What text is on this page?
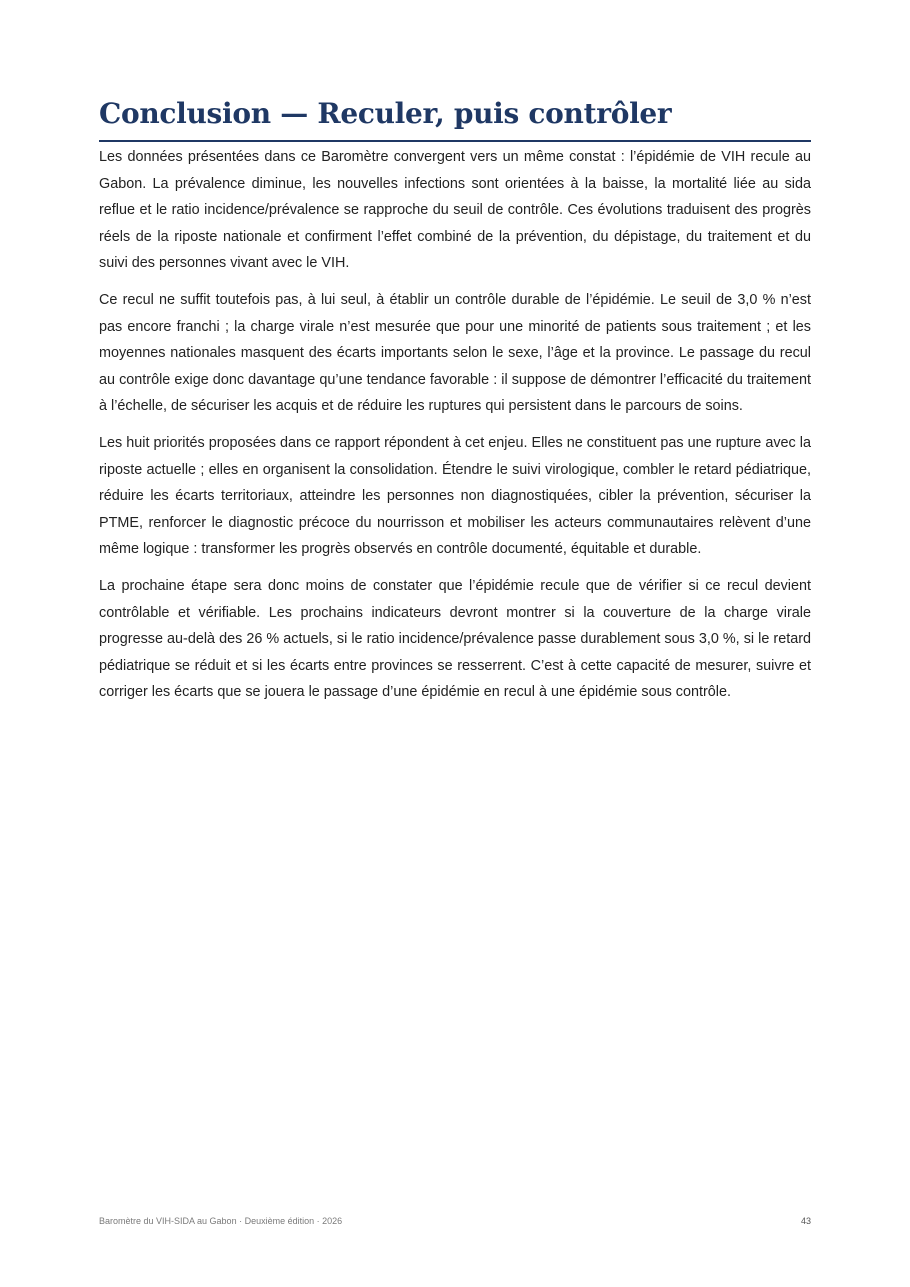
Conclusion — Reculer, puis contrôler

Les données présentées dans ce Baromètre convergent vers un même constat : l’épidémie de VIH recule au Gabon. La prévalence diminue, les nouvelles infections sont orientées à la baisse, la mortalité liée au sida reflue et le ratio incidence/prévalence se rapproche du seuil de contrôle. Ces évolutions traduisent des progrès réels de la riposte nationale et confirment l’effet combiné de la prévention, du dépistage, du traitement et du suivi des personnes vivant avec le VIH.

Ce recul ne suffit toutefois pas, à lui seul, à établir un contrôle durable de l’épidémie. Le seuil de 3,0 % n’est pas encore franchi ; la charge virale n’est mesurée que pour une minorité de patients sous traitement ; et les moyennes nationales masquent des écarts importants selon le sexe, l’âge et la province. Le passage du recul au contrôle exige donc davantage qu’une tendance favorable : il suppose de démontrer l’efficacité du traitement à l’échelle, de sécuriser les acquis et de réduire les ruptures qui persistent dans le parcours de soins.

Les huit priorités proposées dans ce rapport répondent à cet enjeu. Elles ne constituent pas une rupture avec la riposte actuelle ; elles en organisent la consolidation. Étendre le suivi virologique, combler le retard pédiatrique, réduire les écarts territoriaux, atteindre les personnes non diagnostiquées, cibler la prévention, sécuriser la PTME, renforcer le diagnostic précoce du nourrisson et mobiliser les acteurs communautaires relèvent d’une même logique : transformer les progrès observés en contrôle documenté, équitable et durable.

La prochaine étape sera donc moins de constater que l’épidémie recule que de vérifier si ce recul devient contrôlable et vérifiable. Les prochains indicateurs devront montrer si la couverture de la charge virale progresse au-delà des 26 % actuels, si le ratio incidence/prévalence passe durablement sous 3,0 %, si le retard pédiatrique se réduit et si les écarts entre provinces se resserrent. C’est à cette capacité de mesurer, suivre et corriger les écarts que se jouera le passage d’une épidémie en recul à une épidémie sous contrôle.

Baromètre du VIH-SIDA au Gabon · Deuxième édition · 2026	43
